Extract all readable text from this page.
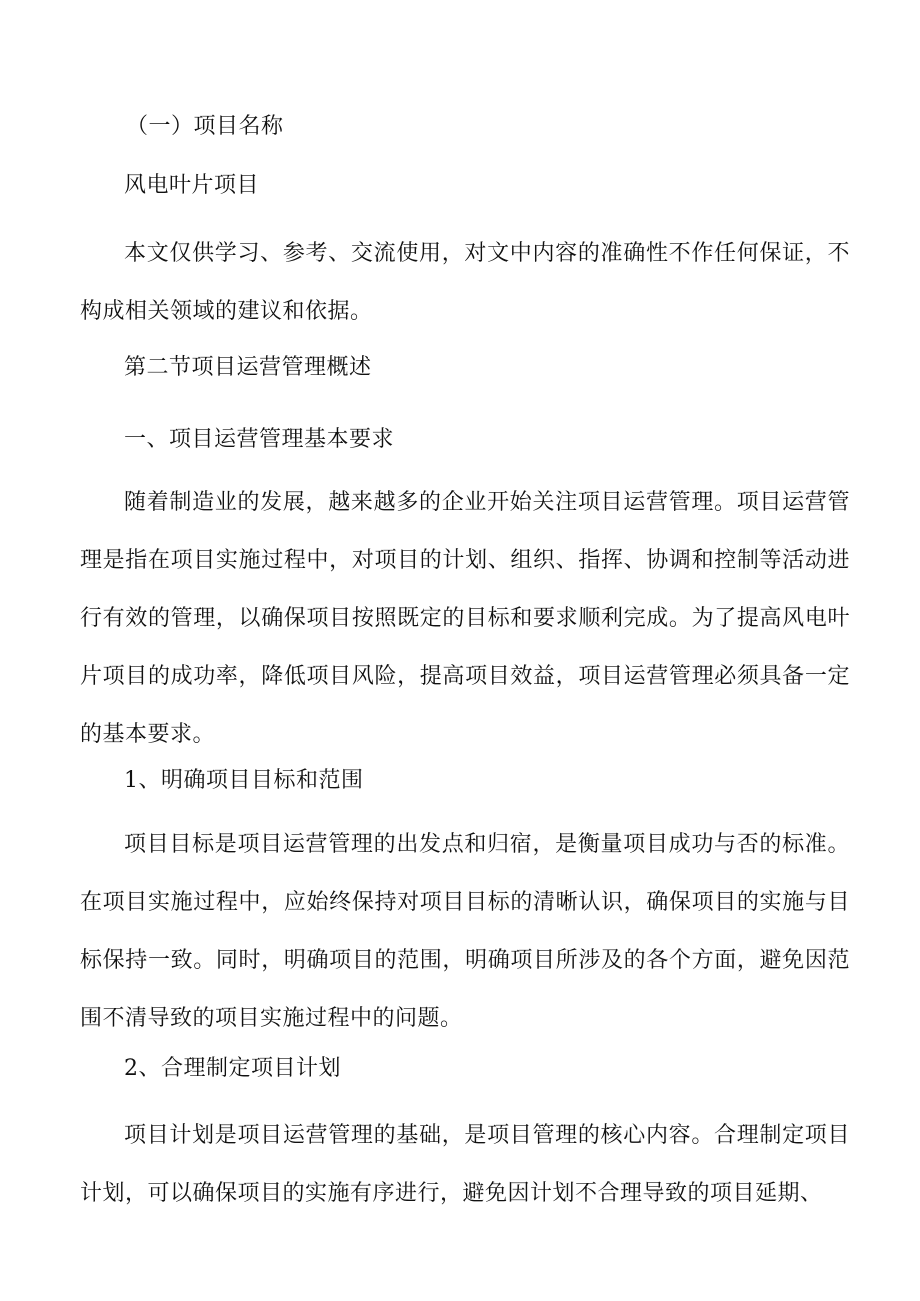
（一）项目名称
风电叶片项目
本文仅供学习、参考、交流使用，对文中内容的准确性不作任何保证，不构成相关领域的建议和依据。
第二节项目运营管理概述
一、项目运营管理基本要求
随着制造业的发展，越来越多的企业开始关注项目运营管理。项目运营管理是指在项目实施过程中，对项目的计划、组织、指挥、协调和控制等活动进行有效的管理，以确保项目按照既定的目标和要求顺利完成。为了提高风电叶片项目的成功率，降低项目风险，提高项目效益，项目运营管理必须具备一定的基本要求。
1、明确项目目标和范围
项目目标是项目运营管理的出发点和归宿，是衡量项目成功与否的标准。在项目实施过程中，应始终保持对项目目标的清晰认识，确保项目的实施与目标保持一致。同时，明确项目的范围，明确项目所涉及的各个方面，避免因范围不清导致的项目实施过程中的问题。
2、合理制定项目计划
项目计划是项目运营管理的基础，是项目管理的核心内容。合理制定项目计划，可以确保项目的实施有序进行，避免因计划不合理导致的项目延期、
